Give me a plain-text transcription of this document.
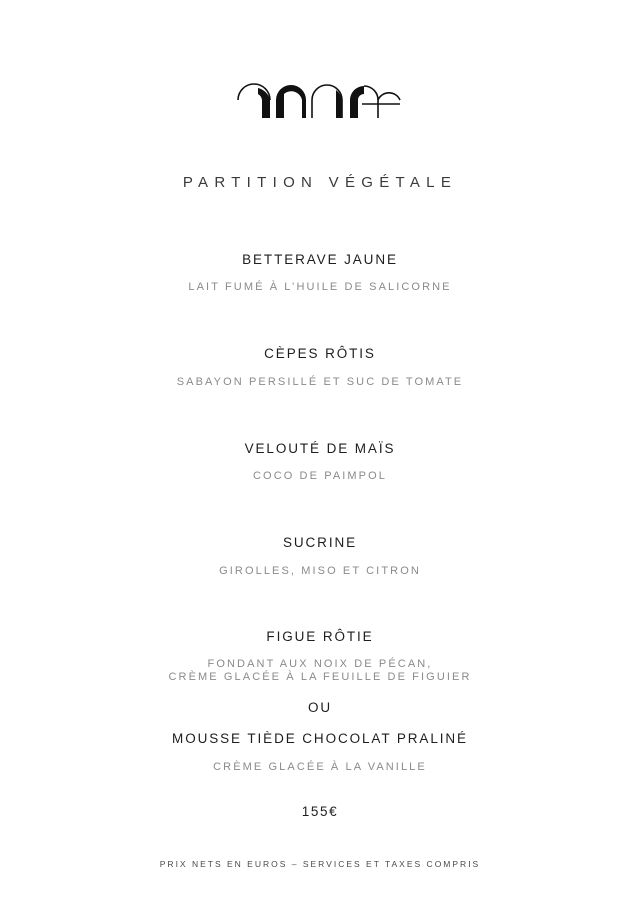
PARTITION VÉGÉTALE
BETTERAVE JAUNE
LAIT FUMÉ À L’HUILE DE SALICORNE
CÈPES RÔTIS
SABAYON PERSILLÉ ET SUC DE TOMATE
VELOUTÉ DE MAÏS
COCO DE PAIMPOL
SUCRINE
GIROLLES, MISO ET CITRON
FIGUE RÔTIE
FONDANT AUX NOIX DE PÉCAN,
CRÈME GLACÉE À LA FEUILLE DE FIGUIER
OU
MOUSSE TIÈDE CHOCOLAT PRALINÉ
CRÈME GLACÉE À LA VANILLE
155€
PRIX NETS EN EUROS – SERVICES ET TAXES COMPRIS
